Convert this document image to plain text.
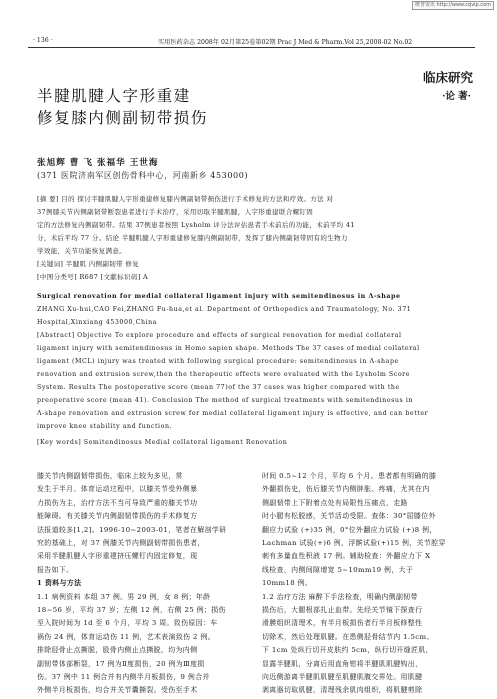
维普资讯 http://www.cqvip.com
· 136 ·	实用医药杂志 2008年 02月第25卷第02期 Prac J Med & Pharm.Vol 25,2008-02 No.02
临床研究
·论 著·
半腱肌腱人字形重建
修复膝内侧副韧带损伤
张旭辉 曹 飞 张福华 王世海
(371 医院济南军区创伤骨科中心，河南新乡 453000)
[摘 要] 目的 探讨半腱肌腱人字形重建修复膝内侧副韧带损伤进行手术修复的方法和疗效。方法 对
37例膝关节内侧副韧带断裂患者进行手术治疗，采用切取半腱肌腱，人字形重建联合螺钉固
定的方法修复内侧副韧带。结果 37例患者按照 Lysholm 评分法评估患者手术前后的功能，术前平均 41
分，术后平均 77 分。结论 半腱肌腱人字形重建修复膝内侧副韧带，发挥了膝内侧副韧带固有的生物力
学效能，关节功能恢复满意。
[关键词] 半腱肌 内侧副韧带 修复
[中图分类号] R687 [文献标识码] A
Surgical renovation for medial collateral ligament injury with semitendinosus in Λ-shape
ZHANG Xu-hui,CAO Fei,ZHANG Fu-hua,et al. Department of Orthopedics and Traumatology, No. 371
Hospital,Xinxiang 453000,China
[Abstract] Objective To explore procedure and effects of surgical renovation for medial collateral
ligament injury with semitendinosus in Homo sapien shape. Methods The 37 cases of medial collateral
ligament (MCL) injury was treated with following surgical procedure: semitendinosus in Λ-shape
renovation and extrusion screw,then the therapeutic effects were evaluated with the Lysholm Score
System. Results The postoperative score (mean 77)of the 37 cases was higher compared with the
preoperative score (mean 41). Conclusion The method of surgical treatments with semitendinosus in
Λ-shape renovation and extrusion screw for medial collateral ligament injury is effective, and can better
improve knee stability and function.
[Key words] Semitendinosus Medial collateral ligament Renovation
膝关节内侧副韧带损伤，临床上较为多见，常
发生于半月、体育运动过程中，以膝关节受外侧暴
力损伤为主，治疗方法不当可导致严重的膝关节功
能障碍。有关膝关节内侧副韧带损伤的手术修复方
法报道较多[1,2]。1996-10~2003-01，笔者在解剖学研
究的基础上，对 37 例膝关节内侧副韧带损伤患者，
采用半腱肌腱人字形重建挤压螺钉内固定修复，现
报告如下。
1 资料与方法
1.1 病例资料 本组 37 例。男 29 例，女 8 例；年龄
18~56 岁，平均 37 岁；左侧 12 例，右侧 25 例；损伤
至入院时间为 1d 至 6 个月，平均 3 周。致伤原因：车
祸伤 24 例，体育运动伤 11 例，艺术表演致伤 2 例。
排除胫骨止点撕脱，股骨内侧止点撕脱，均为内侧
副韧带体部断裂，17 例为Ⅱ度损伤，20 例为Ⅲ度损
伤。37 例中 11 例合并有内侧半月板损伤，9 例合并
外侧半月板损伤，均合并关节囊撕裂。受伤至手术
时间 0.5~12 个月，平均 6 个月。患者都有明确的膝
外翻损伤史，伤后膝关节内侧肿胀、疼痛，尤其在内
侧副韧带上下附着点处有局限性压痛点，走路
时小腿有松脱感，关节活动受限。查体：30°屈膝位外
翻应力试验 (+)35 例，0°位外翻应力试验 (+)8 例，
Lachman 试验(+)6 例，浮髌试验(+)15 例，关节腔穿
刺有多量血性积液 17 例。辅助检查：外翻应力下 X
线检查，内侧间隙增宽 5~10mm19 例，大于
10mm18 例。
1.2 治疗方法 麻醉下手法检查，明确内侧副韧带
损伤后，大腿根部扎止血带。先经关节镜下探查行
滑膜组织清理术，有半月板损伤者行半月板修整性
切除术，然后处理肌腱。在患侧胫骨结节内 1.5cm、
下 1cm 处纵行切开皮肤约 5cm，纵行切开缝匠肌，
显露半腱肌，分离后用直角钳将半腱肌肌腱钩出，
向近侧游离半腱肌肌腱至肌腱肌腹交界处。用肌腱
剥离器切取肌腱，清理残余肌肉组织，将肌腱剪除
